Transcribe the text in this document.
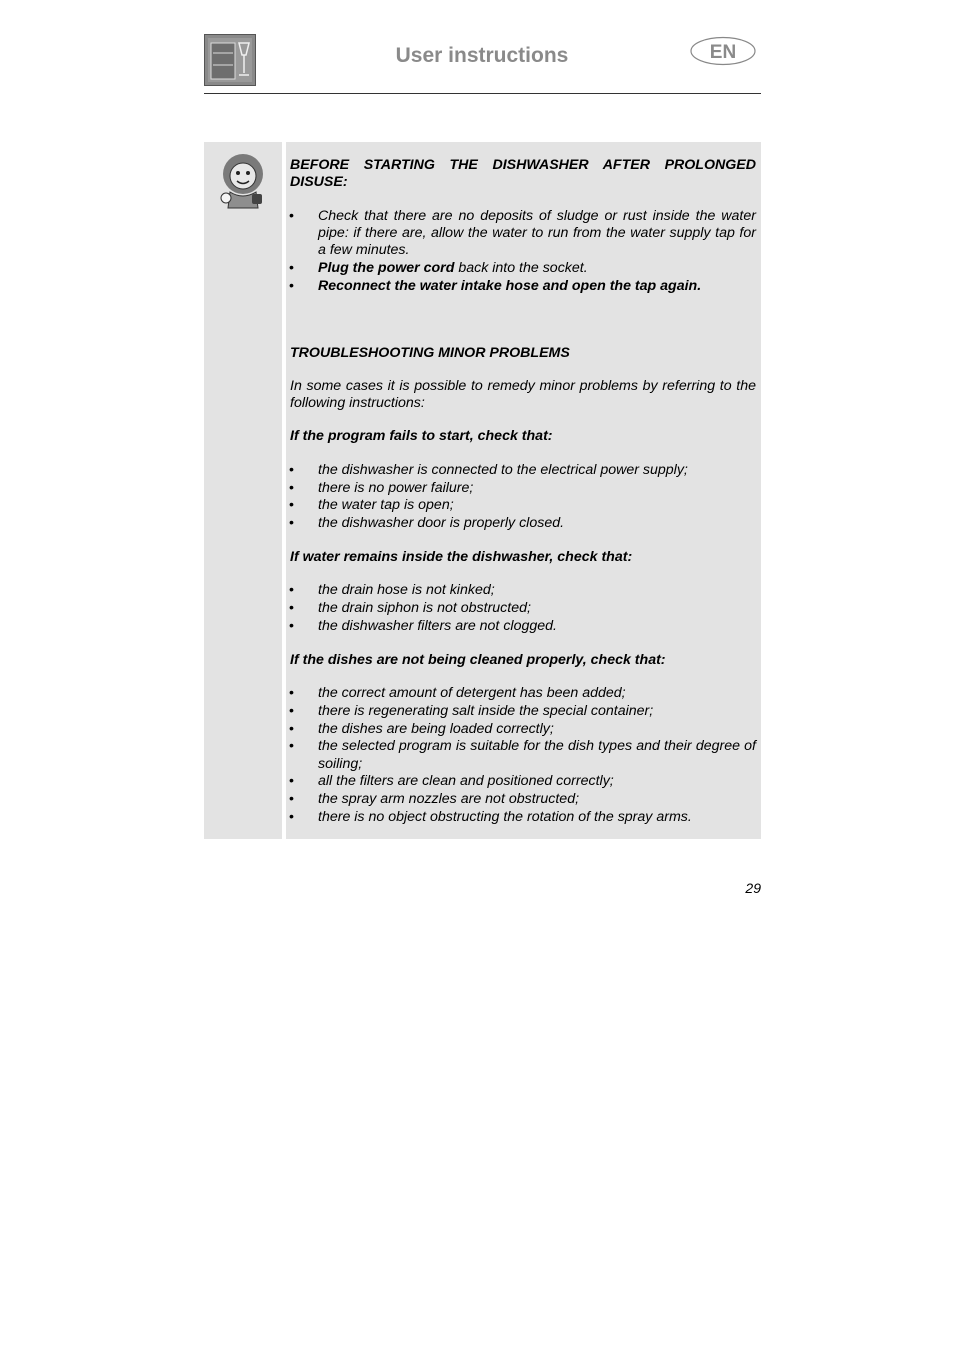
User instructions	EN

BEFORE STARTING THE DISHWASHER AFTER PROLONGED

DISUSE:

• Check that there are no deposits of sludge or rust inside the water pipe: if there are, allow the water to run from the water supply tap for a few minutes.
• Plug the power cord back into the socket.
• Reconnect the water intake hose and open the tap again.

TROUBLESHOOTING MINOR PROBLEMS

In some cases it is possible to remedy minor problems by referring to the following instructions:

If the program fails to start, check that:

• the dishwasher is connected to the electrical power supply;
• there is no power failure;
• the water tap is open;
• the dishwasher door is properly closed.

If water remains inside the dishwasher, check that:

• the drain hose is not kinked;
• the drain siphon is not obstructed;
• the dishwasher filters are not clogged.

If the dishes are not being cleaned properly, check that:

• the correct amount of detergent has been added;
• there is regenerating salt inside the special container;
• the dishes are being loaded correctly;
• the selected program is suitable for the dish types and their degree of soiling;
• all the filters are clean and positioned correctly;
• the spray arm nozzles are not obstructed;
• there is no object obstructing the rotation of the spray arms.
29
